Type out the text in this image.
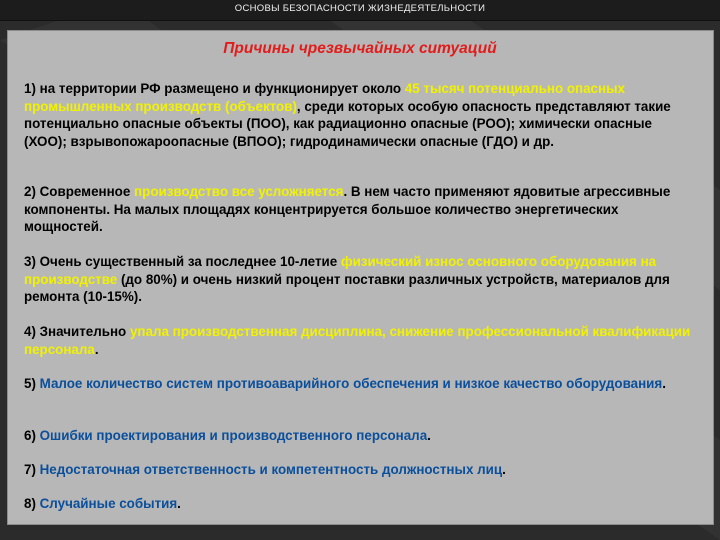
ОСНОВЫ БЕЗОПАСНОСТИ ЖИЗНЕДЕЯТЕЛЬНОСТИ
Причины чрезвычайных ситуаций
1) на территории РФ размещено и функционирует около 45 тысяч потенциально опасных промышленных производств (объектов), среди которых особую опасность представляют такие потенциально опасные объекты (ПОО), как радиационно опасные (РОО); химически опасные (ХОО); взрывопожароопасные (ВПОО); гидродинамически опасные (ГДО) и др.
2) Современное производство все усложняется. В нем часто применяют ядовитые агрессивные компоненты. На малых площадях концентрируется большое количество энергетических мощностей.
3) Очень существенный за последнее 10-летие физический износ основного оборудования на производстве (до 80%) и очень низкий процент поставки различных устройств, материалов для ремонта (10-15%).
4) Значительно упала производственная дисциплина, снижение профессиональной квалификации персонала.
5) Малое количество систем противоаварийного обеспечения и низкое качество оборудования.
6) Ошибки проектирования и производственного персонала.
7) Недостаточная ответственность и компетентность должностных лиц.
8) Случайные события.
